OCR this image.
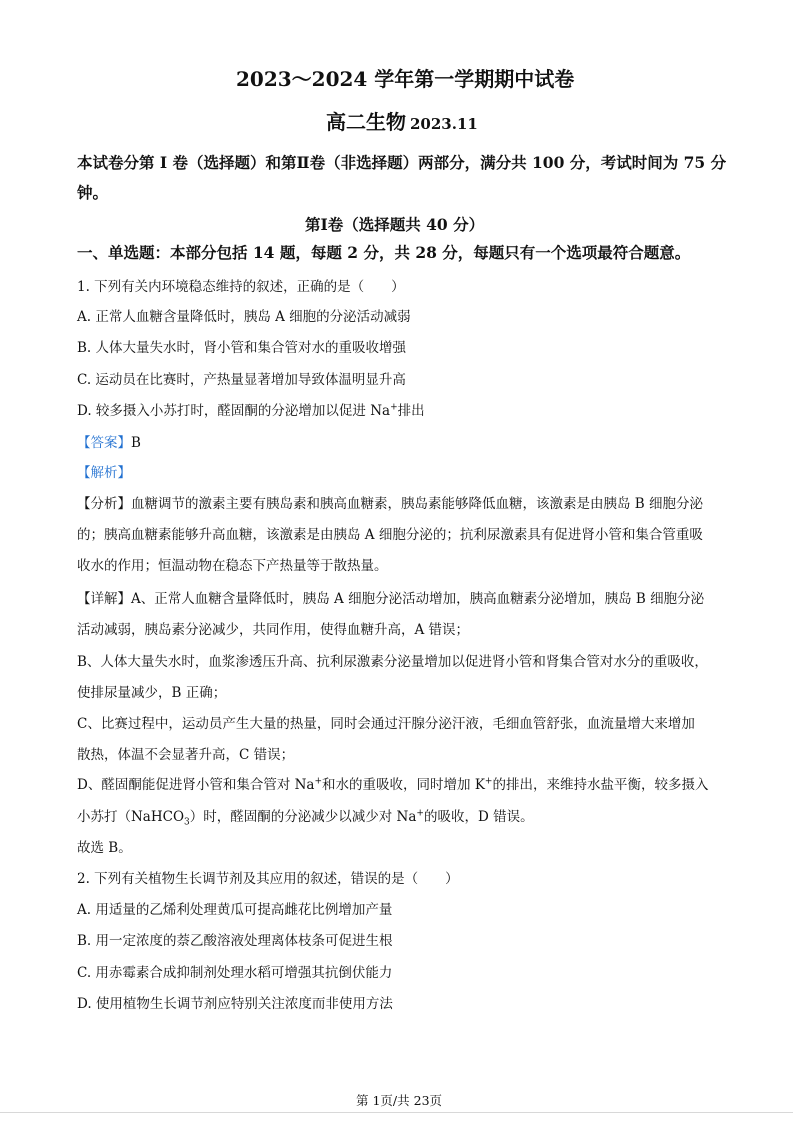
2023～2024 学年第一学期期中试卷
高二生物 2023.11
本试卷分第 I 卷（选择题）和第Ⅱ卷（非选择题）两部分，满分共 100 分，考试时间为 75 分
钟。
第Ⅰ卷（选择题共 40 分）
一、单选题：本部分包括 14 题，每题 2 分，共 28 分，每题只有一个选项最符合题意。
1. 下列有关内环境稳态维持的叙述，正确的是（　　）
A. 正常人血糖含量降低时，胰岛 A 细胞的分泌活动减弱
B. 人体大量失水时，肾小管和集合管对水的重吸收增强
C. 运动员在比赛时，产热量显著增加导致体温明显升高
D. 较多摄入小苏打时，醛固酮的分泌增加以促进 Na+排出
【答案】B
【解析】
【分析】血糖调节的激素主要有胰岛素和胰高血糖素，胰岛素能够降低血糖，该激素是由胰岛 B 细胞分泌
的；胰高血糖素能够升高血糖，该激素是由胰岛 A 细胞分泌的；抗利尿激素具有促进肾小管和集合管重吸
收水的作用；恒温动物在稳态下产热量等于散热量。
【详解】A、正常人血糖含量降低时，胰岛 A 细胞分泌活动增加，胰高血糖素分泌增加，胰岛 B 细胞分泌
活动减弱，胰岛素分泌减少，共同作用，使得血糖升高，A 错误；
B、人体大量失水时，血浆渗透压升高、抗利尿激素分泌量增加以促进肾小管和肾集合管对水分的重吸收，
使排尿量减少，B 正确；
C、比赛过程中，运动员产生大量的热量，同时会通过汗腺分泌汗液，毛细血管舒张，血流量增大来增加
散热，体温不会显著升高，C 错误；
D、醛固酮能促进肾小管和集合管对 Na+和水的重吸收，同时增加 K+的排出，来维持水盐平衡，较多摄入
小苏打（NaHCO$_3$）时，醛固酮的分泌减少以减少对 Na+的吸收，D 错误。
故选 B。
2. 下列有关植物生长调节剂及其应用的叙述，错误的是（　　）
A. 用适量的乙烯利处理黄瓜可提高雌花比例增加产量
B. 用一定浓度的萘乙酸溶液处理离体枝条可促进生根
C. 用赤霉素合成抑制剂处理水稻可增强其抗倒伏能力
D. 使用植物生长调节剂应特别关注浓度而非使用方法
第 1页/共 23页
